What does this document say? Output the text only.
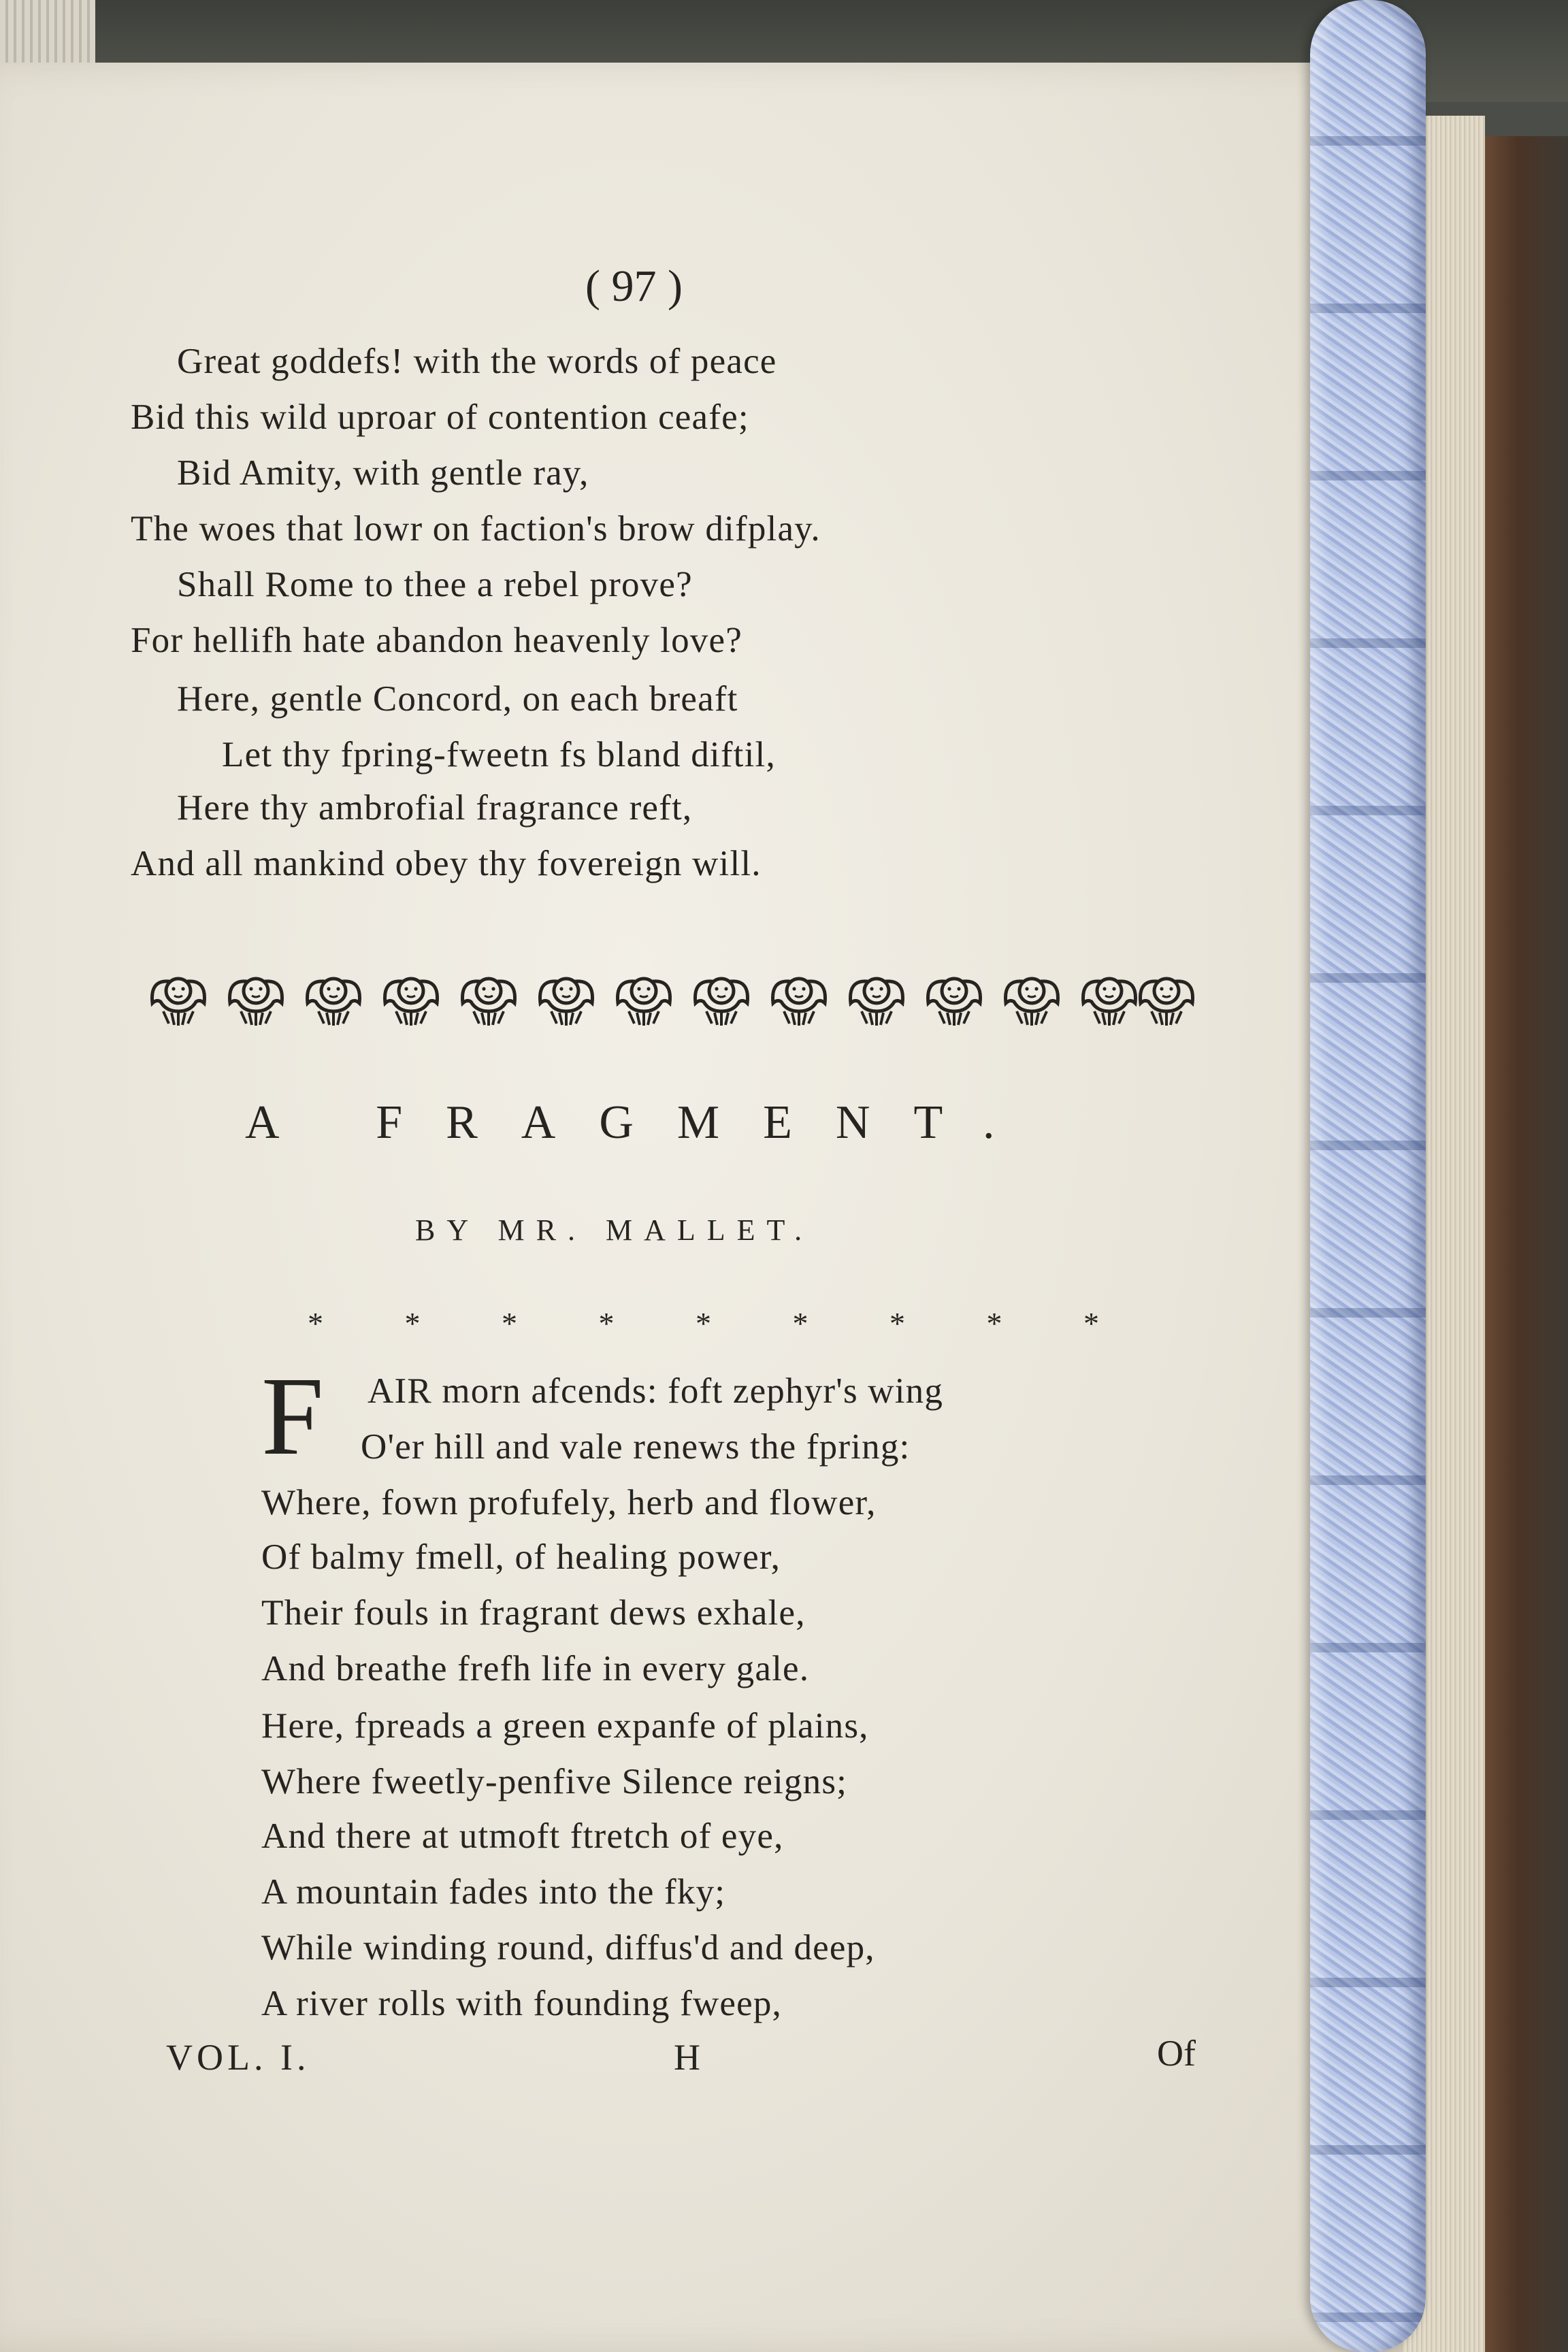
( 97 )
Great goddefs! with the words of peace
Bid this wild uproar of contention ceafe;
Bid Amity, with gentle ray,
The woes that lowr on faction's brow difplay.
Shall Rome to thee a rebel prove?
For hellifh hate abandon heavenly love?
Here, gentle Concord, on each breaft
Let thy fpring-fweetn fs bland diftil,
Here thy ambrofial fragrance reft,
And all mankind obey thy fovereign will.
A FRAGMENT.
BY MR. MALLET.
* * * * * * * * *
F AIR morn afcends: foft zephyr's wing
O'er hill and vale renews the fpring:
Where, fown profufely, herb and flower,
Of balmy fmell, of healing power,
Their fouls in fragrant dews exhale,
And breathe frefh life in every gale.
Here, fpreads a green expanfe of plains,
Where fweetly-penfive Silence reigns;
And there at utmoft ftretch of eye,
A mountain fades into the fky;
While winding round, diffus'd and deep,
A river rolls with founding fweep,
VOL. I.	H	Of
